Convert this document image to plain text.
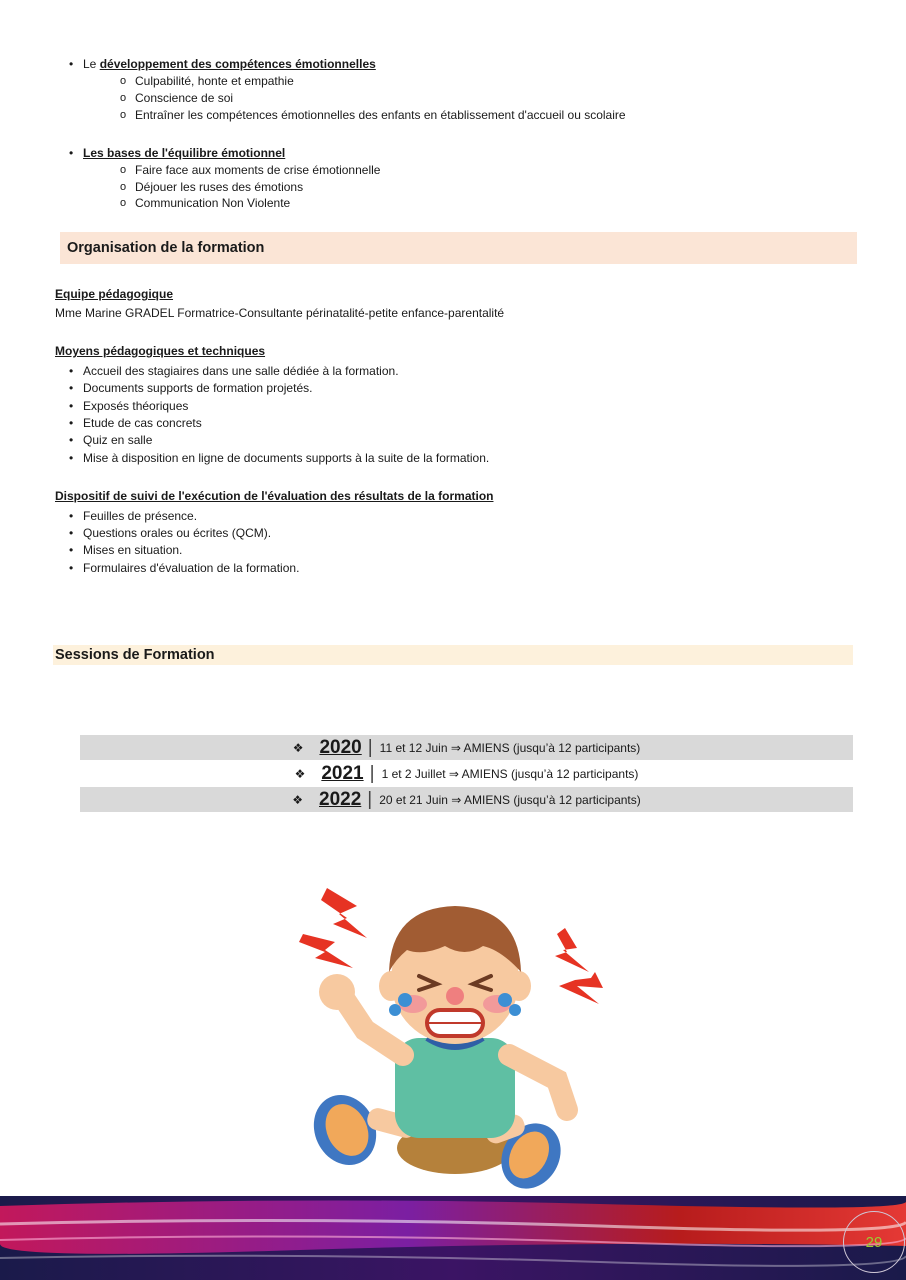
• Le développement des compétences émotionnelles
o Culpabilité, honte et empathie
o Conscience de soi
o Entraîner les compétences émotionnelles des enfants en établissement d'accueil ou scolaire
• Les bases de l'équilibre émotionnel
o Faire face aux moments de crise émotionnelle
o Déjouer les ruses des émotions
o Communication Non Violente
Organisation de la formation
Equipe pédagogique
Mme Marine GRADEL Formatrice-Consultante périnatalité-petite enfance-parentalité
Moyens pédagogiques et techniques
• Accueil des stagiaires dans une salle dédiée à la formation.
• Documents supports de formation projetés.
• Exposés théoriques
• Etude de cas concrets
• Quiz en salle
• Mise à disposition en ligne de documents supports à la suite de la formation.
Dispositif de suivi de l'exécution de l'évaluation des résultats de la formation
• Feuilles de présence.
• Questions orales ou écrites (QCM).
• Mises en situation.
• Formulaires d'évaluation de la formation.
Sessions de Formation
❖ 2020 | 11 et 12 Juin ⇒ AMIENS (jusqu’à 12 participants)
❖ 2021 | 1 et 2 Juillet ⇒ AMIENS (jusqu’à 12 participants)
❖ 2022 | 20 et 21 Juin ⇒ AMIENS (jusqu’à 12 participants)
29
